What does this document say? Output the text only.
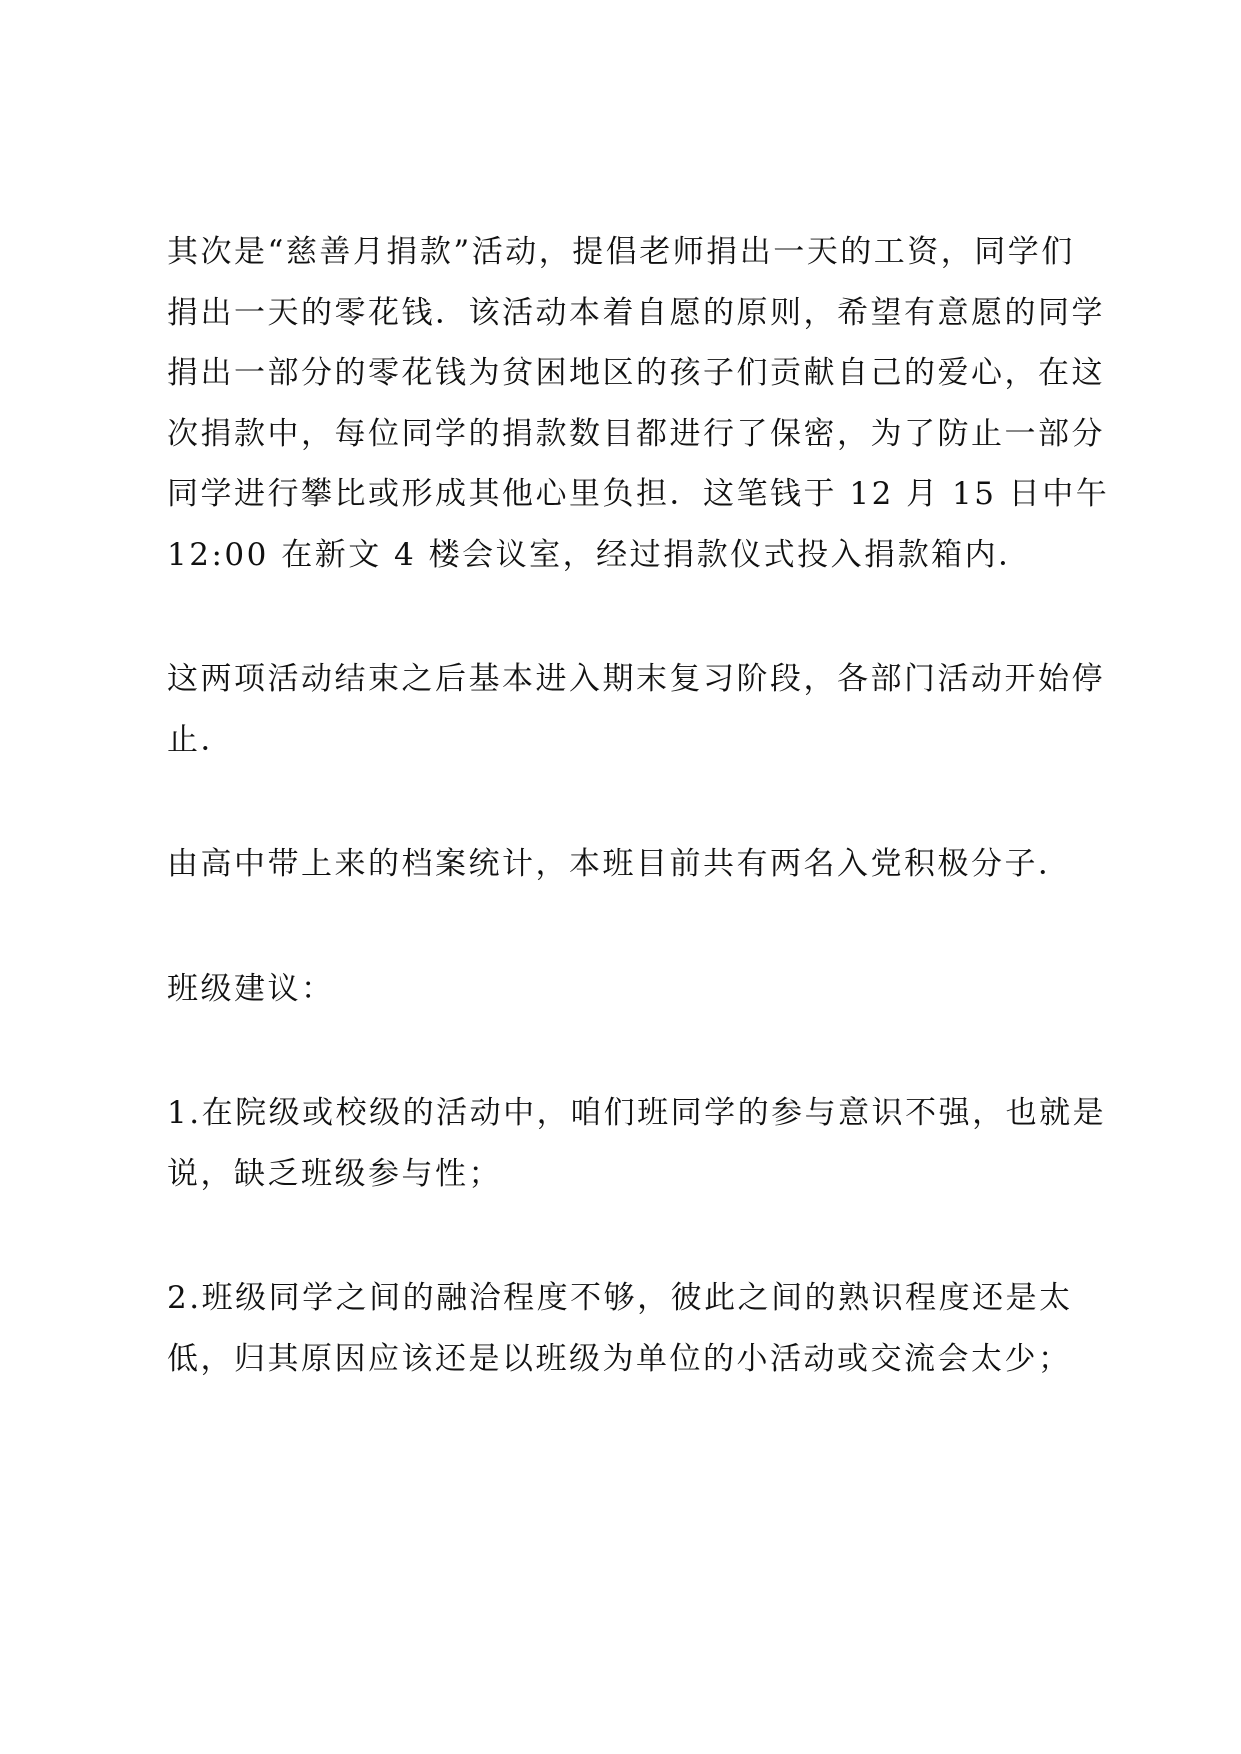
其次是“慈善月捐款”活动，提倡老师捐出一天的工资，同学们
捐出一天的零花钱．该活动本着自愿的原则，希望有意愿的同学
捐出一部分的零花钱为贫困地区的孩子们贡献自己的爱心，在这
次捐款中，每位同学的捐款数目都进行了保密，为了防止一部分
同学进行攀比或形成其他心里负担．这笔钱于 12 月 15 日中午
12:00 在新文 4 楼会议室，经过捐款仪式投入捐款箱内．
这两项活动结束之后基本进入期末复习阶段，各部门活动开始停
止．
由高中带上来的档案统计，本班目前共有两名入党积极分子．
班级建议：
1.在院级或校级的活动中，咱们班同学的参与意识不强，也就是
说，缺乏班级参与性；
2.班级同学之间的融洽程度不够，彼此之间的熟识程度还是太
低，归其原因应该还是以班级为单位的小活动或交流会太少；
